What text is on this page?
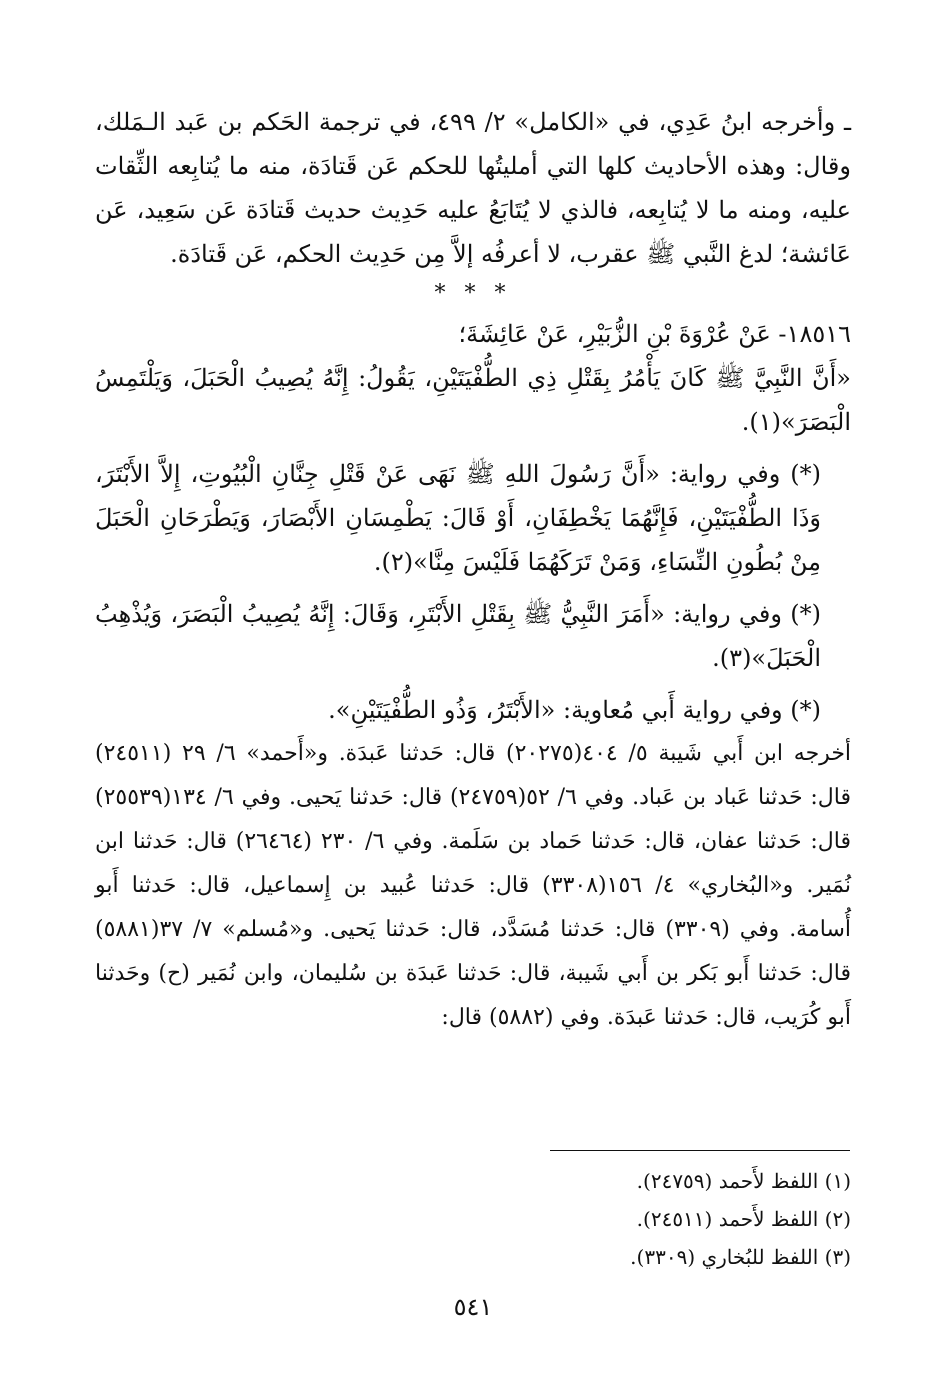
ـ وأخرجه ابنُ عَدِي، في «الكامل» ٢/ ٤٩٩، في ترجمة الحَكم بن عَبد الـمَلك، وقال: وهذه الأحاديث كلها التي أمليتُها للحكم عَن قَتادَة، منه ما يُتابِعه الثِّقات عليه، ومنه ما لا يُتابِعه، فالذي لا يُتَابَعُ عليه حَدِيث حديث قَتادَة عَن سَعِيد، عَن عَائشة؛ لدغ النَّبي ﷺ عقرب، لا أعرفُه إلاَّ مِن حَدِيث الحكم، عَن قَتادَة.

* * *

١٨٥١٦- عَنْ عُرْوَةَ بْنِ الزُّبَيْرِ، عَنْ عَائِشَةَ؛

«أَنَّ النَّبِيَّ ﷺ كَانَ يَأْمُرُ بِقَتْلِ ذِي الطُّفْيَتَيْنِ، يَقُولُ: إِنَّهُ يُصِيبُ الْحَبَلَ، وَيَلْتَمِسُ الْبَصَرَ»(١).

(*) وفي رواية: «أَنَّ رَسُولَ اللهِ ﷺ نَهَى عَنْ قَتْلِ جِنَّانِ الْبُيُوتِ، إِلاَّ الأَبْتَرَ، وَذَا الطُّفْيَتَيْنِ، فَإِنَّهُمَا يَخْطِفَانِ، أَوْ قَالَ: يَطْمِسَانِ الأَبْصَارَ، وَيَطْرَحَانِ الْحَبَلَ مِنْ بُطُونِ النِّسَاءِ، وَمَنْ تَرَكَهُمَا فَلَيْسَ مِنَّا»(٢).

(*) وفي رواية: «أَمَرَ النَّبِيُّ ﷺ بِقَتْلِ الأَبْتَرِ، وَقَالَ: إِنَّهُ يُصِيبُ الْبَصَرَ، وَيُذْهِبُ الْحَبَلَ»(٣).

(*) وفي رواية أَبي مُعاوية: «الأَبْتَرُ، وَذُو الطُّفْيَتَيْنِ».

أخرجه ابن أَبي شَيبة ٥/ ٤٠٤(٢٠٢٧٥) قال: حَدثنا عَبدَة. و«أَحمد» ٦/ ٢٩ (٢٤٥١١) قال: حَدثنا عَباد بن عَباد. وفي ٦/ ٥٢(٢٤٧٥٩) قال: حَدثنا يَحيى. وفي ٦/ ١٣٤(٢٥٥٣٩) قال: حَدثنا عفان، قال: حَدثنا حَماد بن سَلَمة. وفي ٦/ ٢٣٠ (٢٦٤٦٤) قال: حَدثنا ابن نُمَير. و«البُخاري» ٤/ ١٥٦(٣٣٠٨) قال: حَدثنا عُبيد بن إِسماعيل، قال: حَدثنا أَبو أُسامة. وفي (٣٣٠٩) قال: حَدثنا مُسَدَّد، قال: حَدثنا يَحيى. و«مُسلم» ٧/ ٣٧(٥٨٨١) قال: حَدثنا أَبو بَكر بن أَبي شَيبة، قال: حَدثنا عَبدَة بن سُليمان، وابن نُمَير (ح) وحَدثنا أَبو كُرَيب، قال: حَدثنا عَبدَة. وفي (٥٨٨٢) قال:

(١) اللفظ لأَحمد (٢٤٧٥٩).

(٢) اللفظ لأَحمد (٢٤٥١١).

(٣) اللفظ للبُخاري (٣٣٠٩).

٥٤١
